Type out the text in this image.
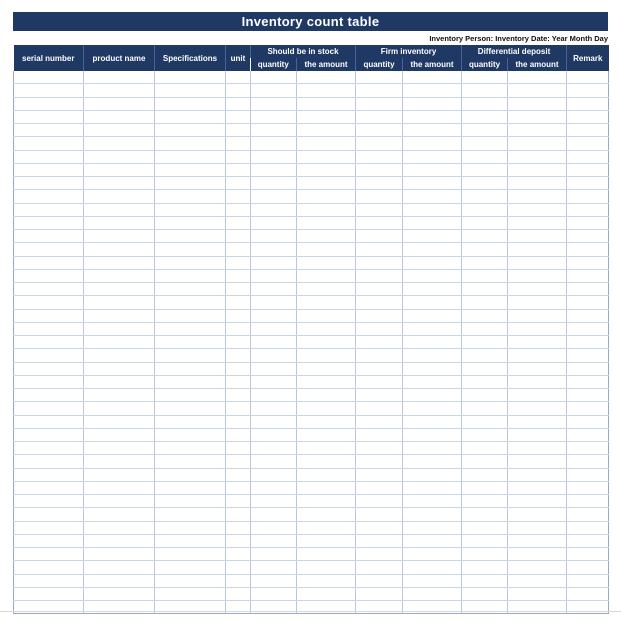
Inventory count table
Inventory Person: Inventory Date: Year Month Day
serial number	product name	Specifications	unit	Should be in stock		Firm inventory		Differential deposit		Remark
				quantity	the amount	quantity	the amount	quantity	the amount	
